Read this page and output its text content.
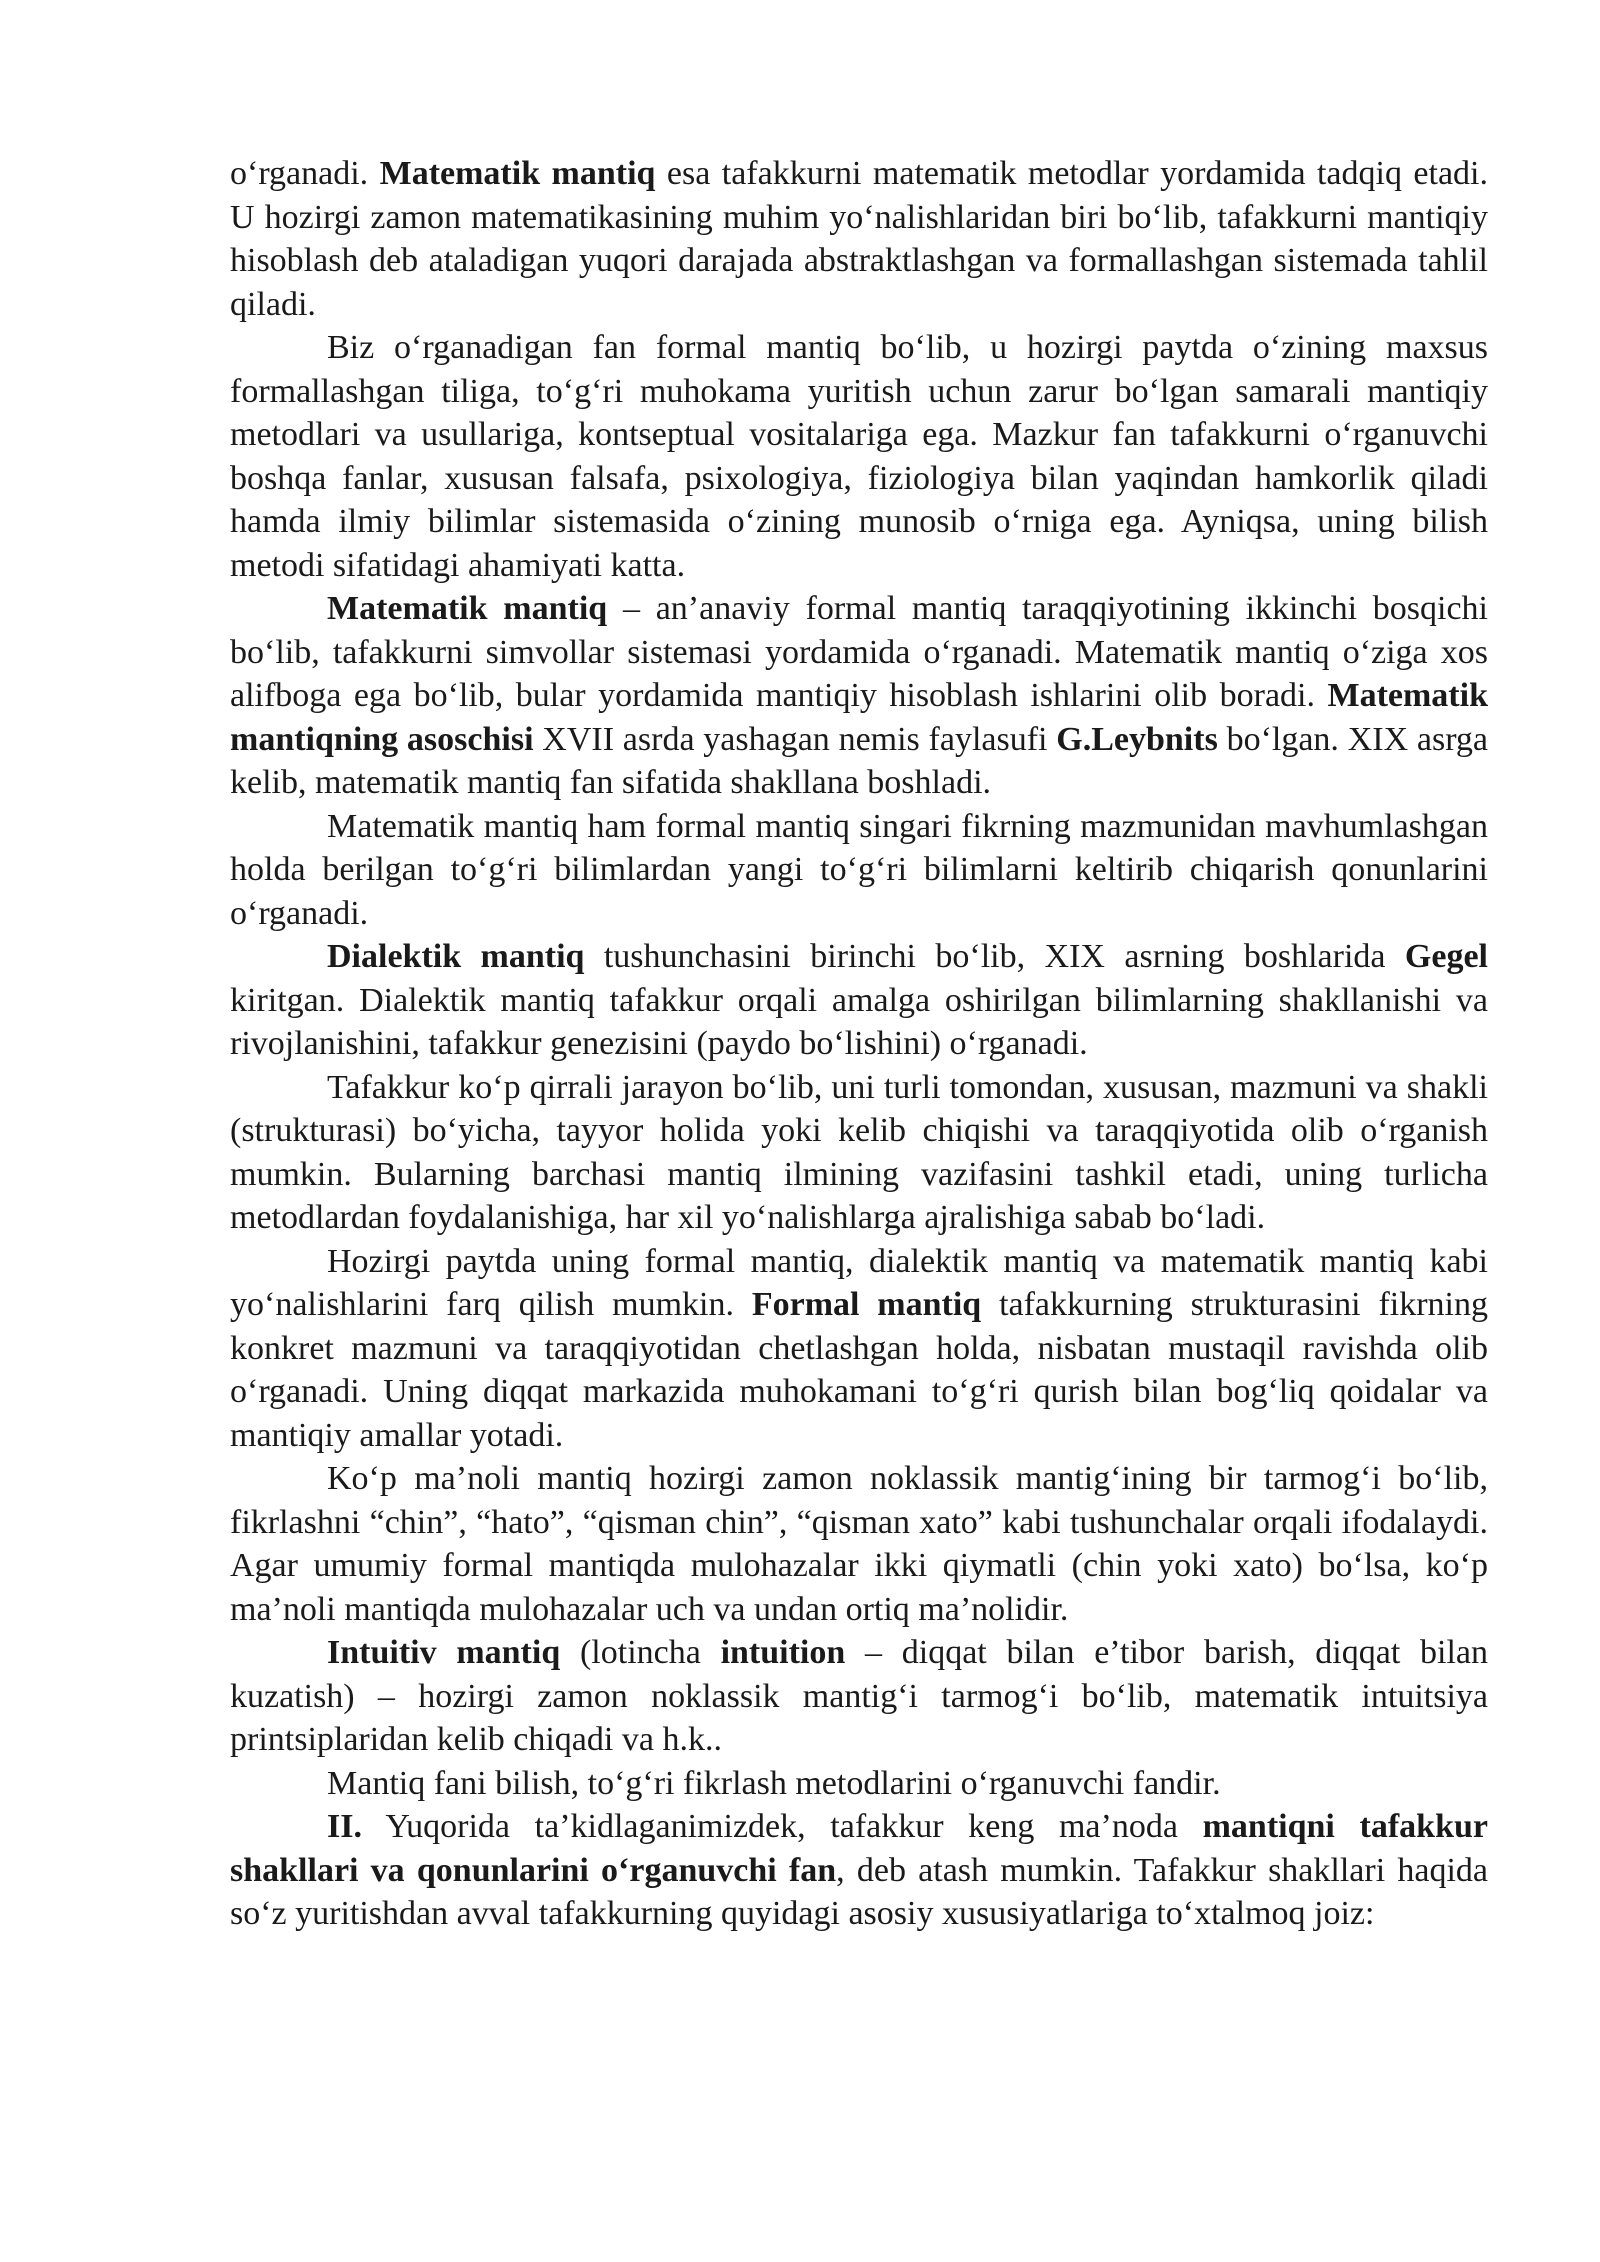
o‘rganadi. Matematik mantiq esa tafakkurni matematik metodlar yordamida tadqiq etadi. U hozirgi zamon matematikasining muhim yo‘nalishlaridan biri bo‘lib, tafakkurni mantiqiy hisoblash deb ataladigan yuqori darajada abstraktlashgan va formallashgan sistemada tahlil qiladi.

Biz o‘rganadigan fan formal mantiq bo‘lib, u hozirgi paytda o‘zining maxsus formallashgan tiliga, to‘g‘ri muhokama yuritish uchun zarur bo‘lgan samarali mantiqiy metodlari va usullariga, kontseptual vositalariga ega. Mazkur fan tafakkurni o‘rganuvchi boshqa fanlar, xususan falsafa, psixologiya, fiziologiya bilan yaqindan hamkorlik qiladi hamda ilmiy bilimlar sistemasida o‘zining munosib o‘rniga ega. Ayniqsa, uning bilish metodi sifatidagi ahamiyati katta.

Matematik mantiq – an’anaviy formal mantiq taraqqiyotining ikkinchi bosqichi bo‘lib, tafakkurni simvollar sistemasi yordamida o‘rganadi. Matematik mantiq o‘ziga xos alifboga ega bo‘lib, bular yordamida mantiqiy hisoblash ishlarini olib boradi. Matematik mantiqning asoschisi XVII asrda yashagan nemis faylasufi G.Leybnits bo‘lgan. XIX asrga kelib, matematik mantiq fan sifatida shakllana boshladi.

Matematik mantiq ham formal mantiq singari fikrning mazmunidan mavhumlashgan holda berilgan to‘g‘ri bilimlardan yangi to‘g‘ri bilimlarni keltirib chiqarish qonunlarini o‘rganadi.

Dialektik mantiq tushunchasini birinchi bo‘lib, XIX asrning boshlarida Gegel kiritgan. Dialektik mantiq tafakkur orqali amalga oshirilgan bilimlarning shakllanishi va rivojlanishini, tafakkur genezisini (paydo bo‘lishini) o‘rganadi.

Tafakkur ko‘p qirrali jarayon bo‘lib, uni turli tomondan, xususan, mazmuni va shakli (strukturasi) bo‘yicha, tayyor holida yoki kelib chiqishi va taraqqiyotida olib o‘rganish mumkin. Bularning barchasi mantiq ilmining vazifasini tashkil etadi, uning turlicha metodlardan foydalanishiga, har xil yo‘nalishlarga ajralishiga sabab bo‘ladi.

Hozirgi paytda uning formal mantiq, dialektik mantiq va matematik mantiq kabi yo‘nalishlarini farq qilish mumkin. Formal mantiq tafakkurning strukturasini fikrning konkret mazmuni va taraqqiyotidan chetlashgan holda, nisbatan mustaqil ravishda olib o‘rganadi. Uning diqqat markazida muhokamani to‘g‘ri qurish bilan bog‘liq qoidalar va mantiqiy amallar yotadi.

Ko‘p ma’noli mantiq hozirgi zamon noklassik mantig‘ining bir tarmog‘i bo‘lib, fikrlashni “chin”, “hato”, “qisman chin”, “qisman xato” kabi tushunchalar orqali ifodalaydi. Agar umumiy formal mantiqda mulohazalar ikki qiymatli (chin yoki xato) bo‘lsa, ko‘p ma’noli mantiqda mulohazalar uch va undan ortiq ma’nolidir.

Intuitiv mantiq (lotincha intuition – diqqat bilan e’tibor barish, diqqat bilan kuzatish) – hozirgi zamon noklassik mantig‘i tarmog‘i bo‘lib, matematik intuitsiya printsiplaridan kelib chiqadi va h.k..

Mantiq fani bilish, to‘g‘ri fikrlash metodlarini o‘rganuvchi fandir.

II. Yuqorida ta’kidlaganimizdek, tafakkur keng ma’noda mantiqni tafakkur shakllari va qonunlarini o‘rganuvchi fan, deb atash mumkin. Tafakkur shakllari haqida so‘z yuritishdan avval tafakkurning quyidagi asosiy xususiyatlariga to‘xtalmoq joiz:
